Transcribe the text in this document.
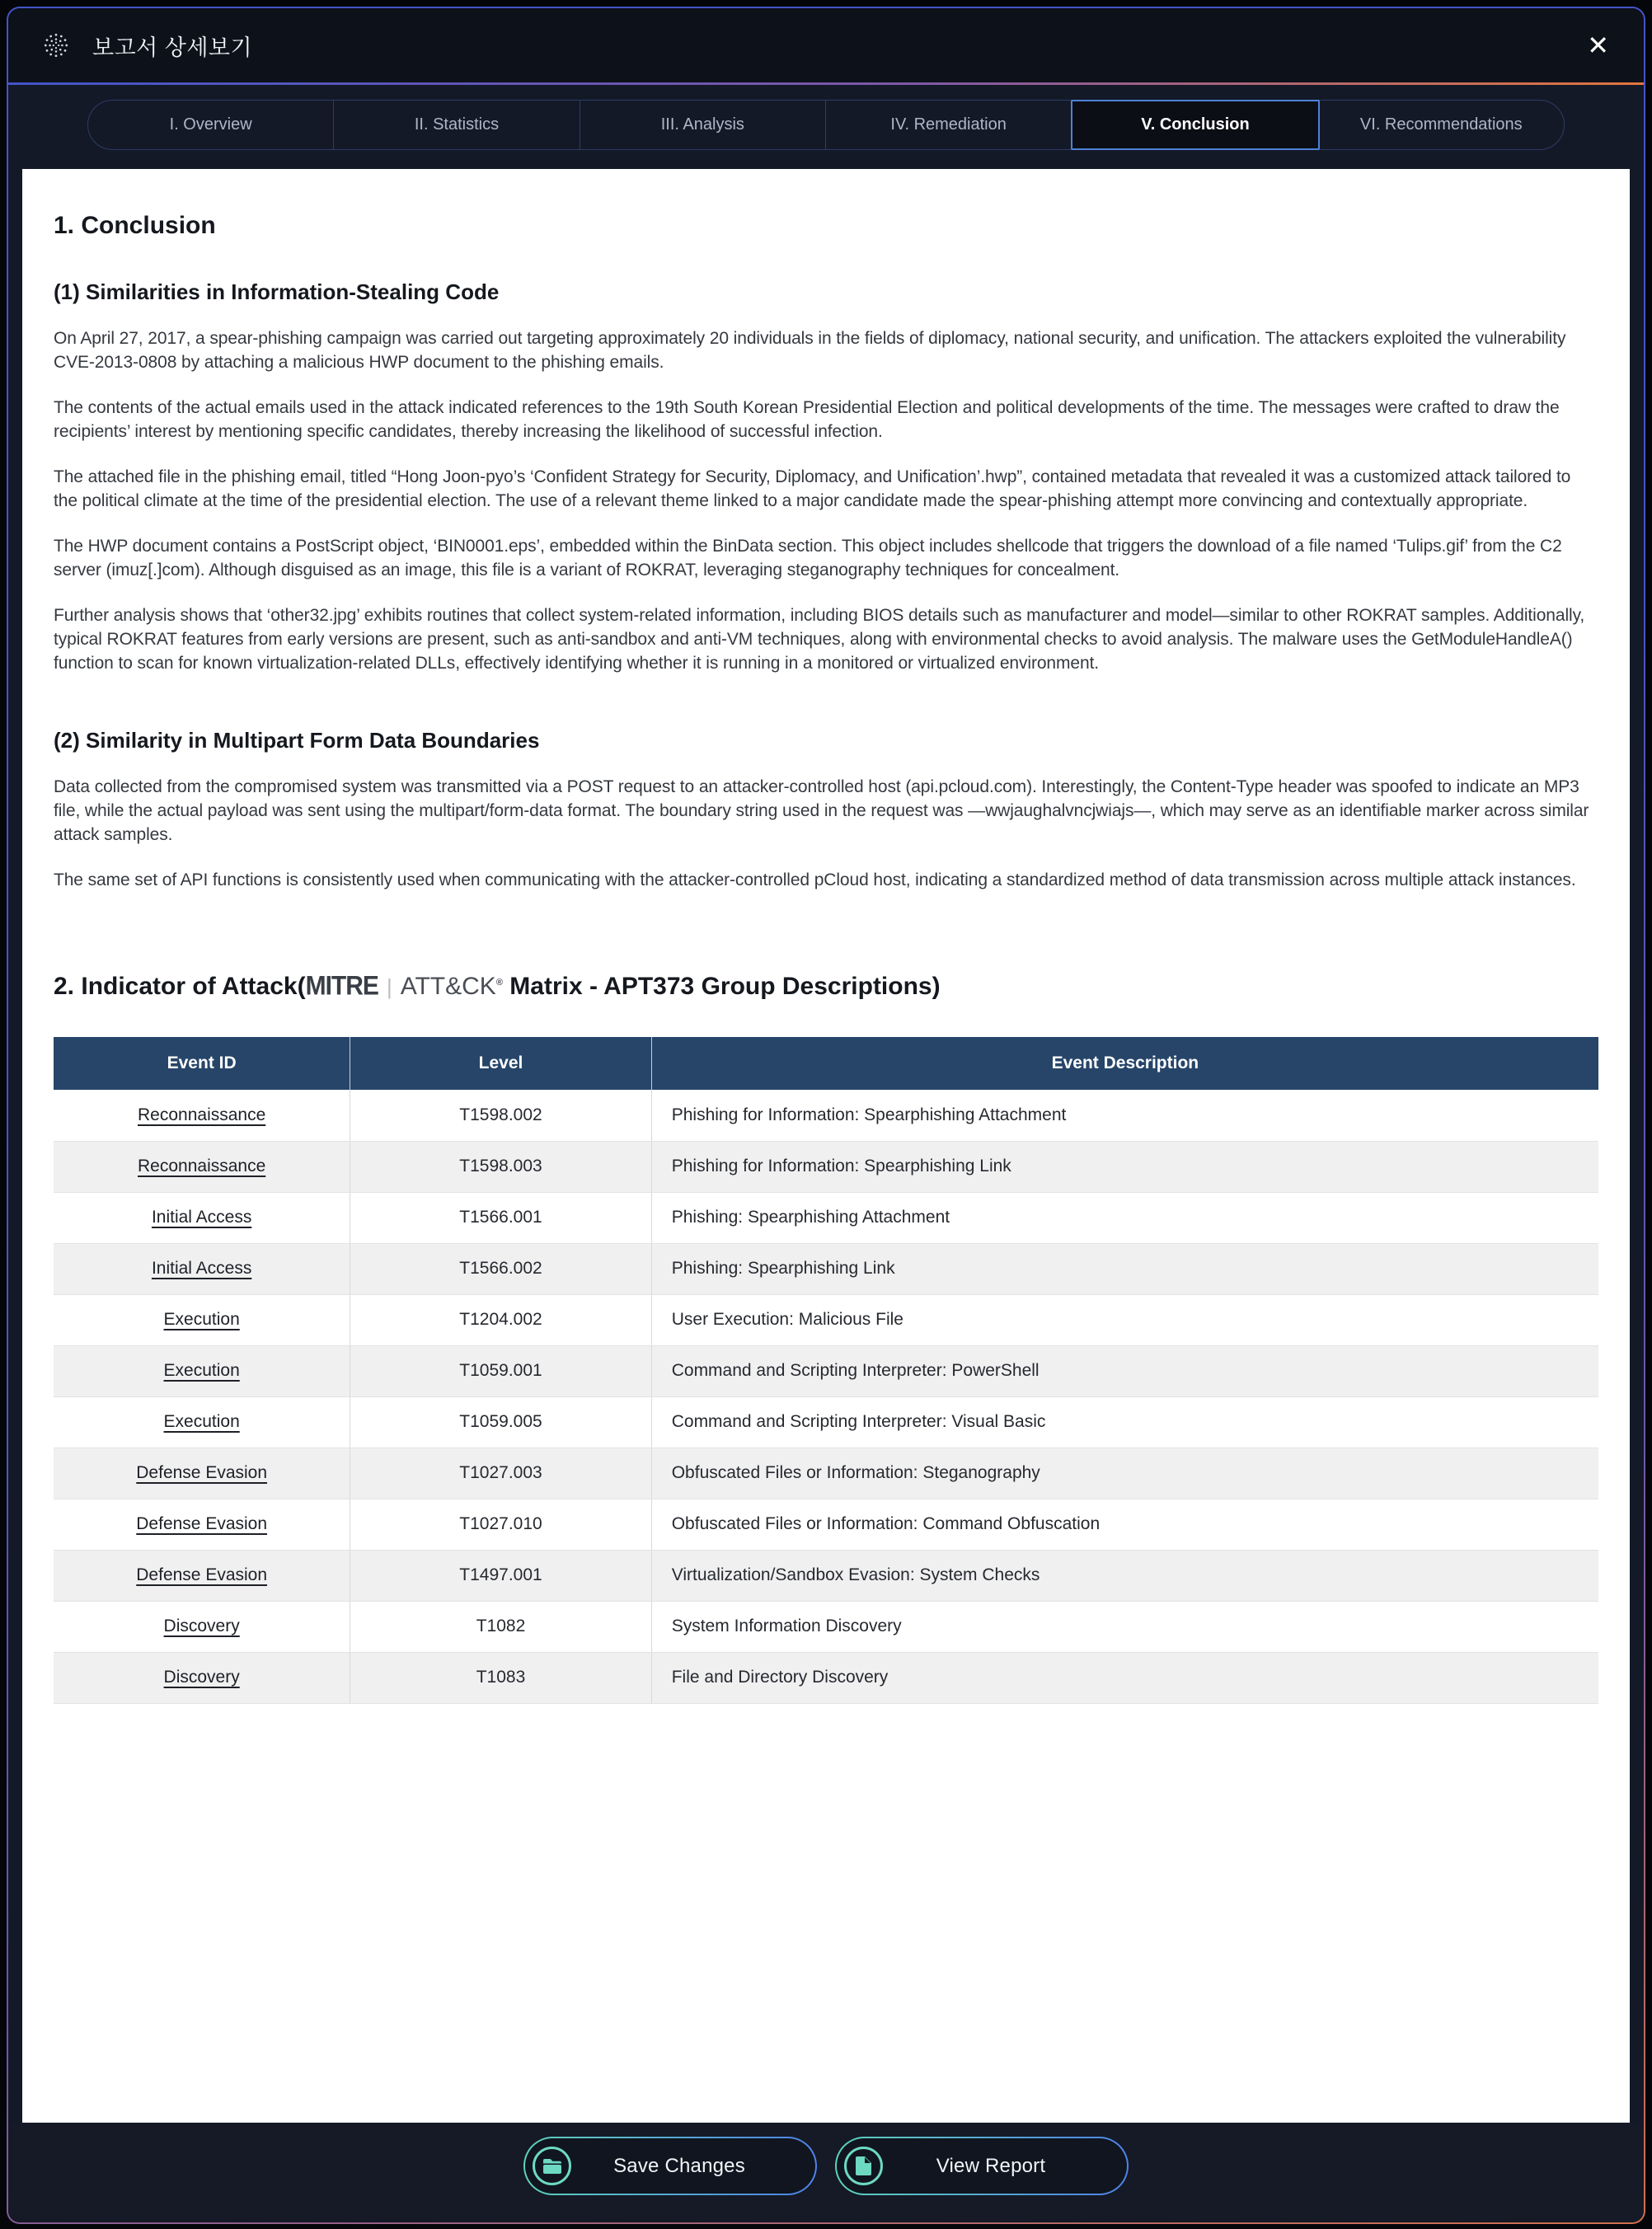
보고서 상세보기	✕
I. Overview	II. Statistics	III. Analysis	IV. Remediation	V. Conclusion	VI. Recommendations
1. Conclusion
(1) Similarities in Information-Stealing Code

On April 27, 2017, a spear-phishing campaign was carried out targeting approximately 20 individuals in the fields of diplomacy, national security, and unification. The attackers exploited the vulnerability CVE-2013-0808 by attaching a malicious HWP document to the phishing emails.

The contents of the actual emails used in the attack indicated references to the 19th South Korean Presidential Election and political developments of the time. The messages were crafted to draw the recipients’ interest by mentioning specific candidates, thereby increasing the likelihood of successful infection.

The attached file in the phishing email, titled “Hong Joon-pyo’s ‘Confident Strategy for Security, Diplomacy, and Unification’.hwp”, contained metadata that revealed it was a customized attack tailored to the political climate at the time of the presidential election. The use of a relevant theme linked to a major candidate made the spear-phishing attempt more convincing and contextually appropriate.

The HWP document contains a PostScript object, ‘BIN0001.eps’, embedded within the BinData section. This object includes shellcode that triggers the download of a file named ‘Tulips.gif’ from the C2 server (imuz[.]com). Although disguised as an image, this file is a variant of ROKRAT, leveraging steganography techniques for concealment.

Further analysis shows that ‘other32.jpg’ exhibits routines that collect system-related information, including BIOS details such as manufacturer and model—similar to other ROKRAT samples. Additionally, typical ROKRAT features from early versions are present, such as anti-sandbox and anti-VM techniques, along with environmental checks to avoid analysis. The malware uses the GetModuleHandleA() function to scan for known virtualization-related DLLs, effectively identifying whether it is running in a monitored or virtualized environment.

(2) Similarity in Multipart Form Data Boundaries

Data collected from the compromised system was transmitted via a POST request to an attacker-controlled host (api.pcloud.com). Interestingly, the Content-Type header was spoofed to indicate an MP3 file, while the actual payload was sent using the multipart/form-data format. The boundary string used in the request was —wwjaughalvncjwiajs—, which may serve as an identifiable marker across similar attack samples.

The same set of API functions is consistently used when communicating with the attacker-controlled pCloud host, indicating a standardized method of data transmission across multiple attack instances.

2. Indicator of Attack(MITRE | ATT&CK® Matrix - APT373 Group Descriptions)
Event ID	Level	Event Description
Reconnaissance	T1598.002	Phishing for Information: Spearphishing Attachment
Reconnaissance	T1598.003	Phishing for Information: Spearphishing Link
Initial Access	T1566.001	Phishing: Spearphishing Attachment
Initial Access	T1566.002	Phishing: Spearphishing Link
Execution	T1204.002	User Execution: Malicious File
Execution	T1059.001	Command and Scripting Interpreter: PowerShell
Execution	T1059.005	Command and Scripting Interpreter: Visual Basic
Defense Evasion	T1027.003	Obfuscated Files or Information: Steganography
Defense Evasion	T1027.010	Obfuscated Files or Information: Command Obfuscation
Defense Evasion	T1497.001	Virtualization/Sandbox Evasion: System Checks
Discovery	T1082	System Information Discovery
Discovery	T1083	File and Directory Discovery
Save Changes	View Report
